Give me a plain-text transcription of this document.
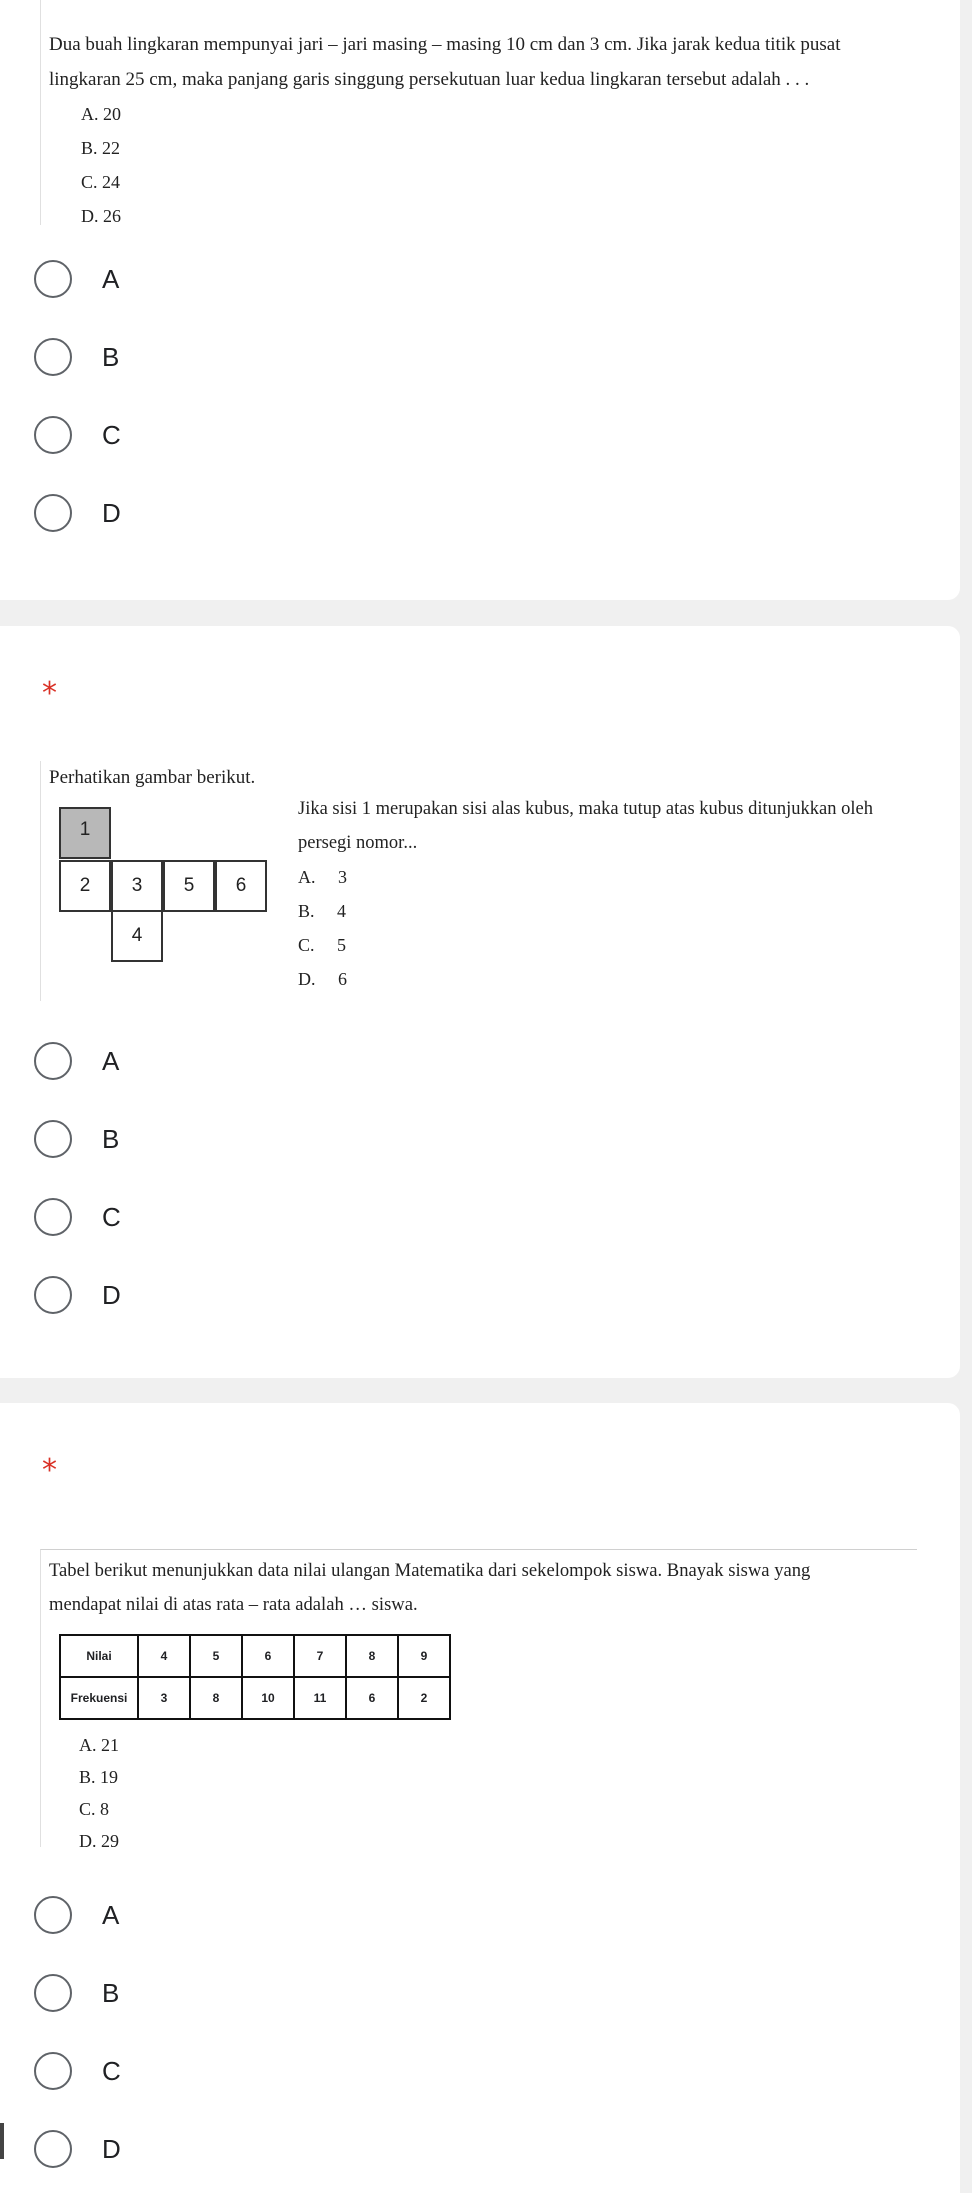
Dua buah lingkaran mempunyai jari – jari masing – masing 10 cm dan 3 cm. Jika jarak kedua titik pusat
lingkaran 25 cm, maka panjang garis singgung persekutuan luar kedua lingkaran tersebut adalah . . .
A. 20
B. 22
C. 24
D. 26
A
B
C
D
*
Perhatikan gambar berikut.
1
2	3	5	6
4
Jika sisi 1 merupakan sisi alas kubus, maka tutup atas kubus ditunjukkan oleh
persegi nomor...
A.     3
B.     4
C.     5
D.     6
A
B
C
D
*
Tabel berikut menunjukkan data nilai ulangan Matematika dari sekelompok siswa. Bnayak siswa yang
mendapat nilai di atas rata – rata adalah … siswa.
Nilai	4	5	6	7	8	9
Frekuensi	3	8	10	11	6	2
A. 21
B. 19
C. 8
D. 29
A
B
C
D
